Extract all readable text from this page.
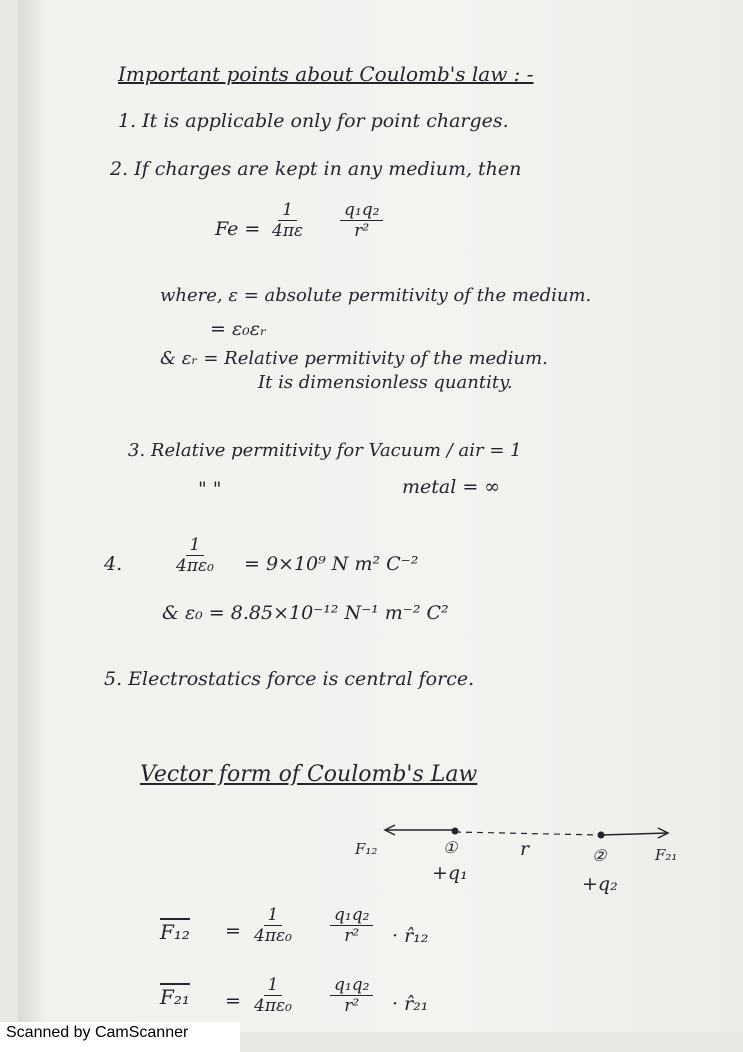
Important points about Coulomb's law : -
1. It is applicable only for point charges.
2. If charges are kept in any medium, then
$Fe = \frac{1}{4\pi\varepsilon} \frac{\text{q₁q₂}}{\text{r²}}$
where, ε = absolute permitivity of the medium.
= ε₀εᵣ
& εᵣ = Relative permitivity of the medium.
It is dimensionless quantity.
3. Relative permitivity for Vacuum / air = 1
" "	metal = ∞
4.	$\frac{1}{\text{4πε₀}} = 9\times 10^9$ N m² C⁻²
& ε₀ = 8.85×10⁻¹² N⁻¹ m⁻² C²
5. Electrostatics force is central force.
Vector form of Coulomb's Law
F₁₂	①	r	②	F₂₁
+q₁	+q₂
$F_{12} = \frac{1}{\text{4πε₀}} \frac{\text{q₁q₂}}{\text{r²}}$ · r̂₁₂
$F_{21} = \frac{1}{\text{4πε₀}} \frac{\text{q₁q₂}}{\text{r²}}$ · r̂₂₁
Scanned by CamScanner
